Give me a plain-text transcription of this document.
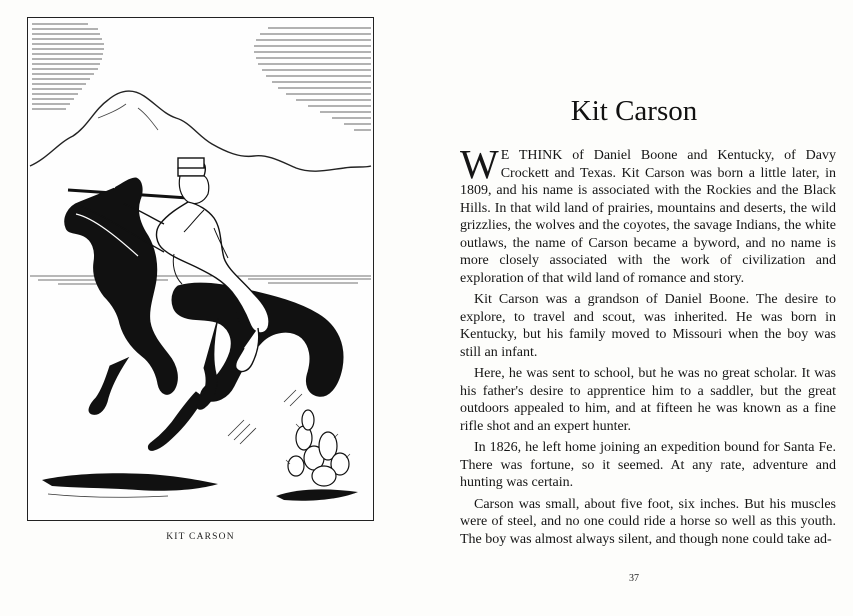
KIT CARSON
Kit Carson

W E THINK of Daniel Boone and Kentucky, of Davy Crockett and Texas. Kit Carson was born a little later, in 1809, and his name is associated with the Rockies and the Black Hills. In that wild land of prairies, mountains and deserts, the wild grizzlies, the wolves and the coyotes, the savage Indians, the white outlaws, the name of Carson became a byword, and no name is more closely associated with the work of civilization and exploration of that wild land of romance and story.

Kit Carson was a grandson of Daniel Boone. The desire to explore, to travel and scout, was inherited. He was born in Kentucky, but his family moved to Missouri when the boy was still an infant.

Here, he was sent to school, but he was no great scholar. It was his father's desire to apprentice him to a saddler, but the great outdoors appealed to him, and at fifteen he was known as a fine rifle shot and an expert hunter.

In 1826, he left home joining an expedition bound for Santa Fe. There was fortune, so it seemed. At any rate, adventure and hunting was certain.

Carson was small, about five foot, six inches. But his muscles were of steel, and no one could ride a horse so well as this youth. The boy was almost always silent, and though none could take ad-

37
